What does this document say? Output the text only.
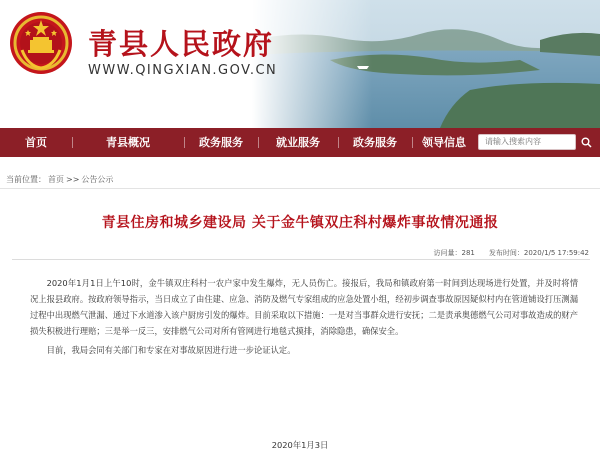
青县人民政府
WWW.QINGXIAN.GOV.CN
首页	青县概况	政务服务	就业服务	政务服务	领导信息
请输入搜索内容
当前位置： 首页 >> 公告公示
青县住房和城乡建设局 关于金牛镇双庄科村爆炸事故情况通报
访问量：281 发布时间：2020/1/5 17:59:42

2020年1月1日上午10时，金牛镇双庄科村一农户家中发生爆炸，无人员伤亡。接报后，我局和镇政府第一时间到达现场进行处置，并及时将情况上报县政府。按政府领导指示，当日成立了由住建、应急、消防及燃气专家组成的应急处置小组，经初步调查事故原因疑似村内在管道铺设打压测漏过程中出现燃气泄漏、通过下水道渗入该户厨房引发的爆炸。目前采取以下措施：一是对当事群众进行安抚；二是责承奥德燃气公司对事故造成的财产损失积极进行理赔；三是举一反三，安排燃气公司对所有管网进行地毯式摸排，消除隐患，确保安全。

目前，我局会同有关部门和专家在对事故原因进行进一步论证认定。

2020年1月3日
